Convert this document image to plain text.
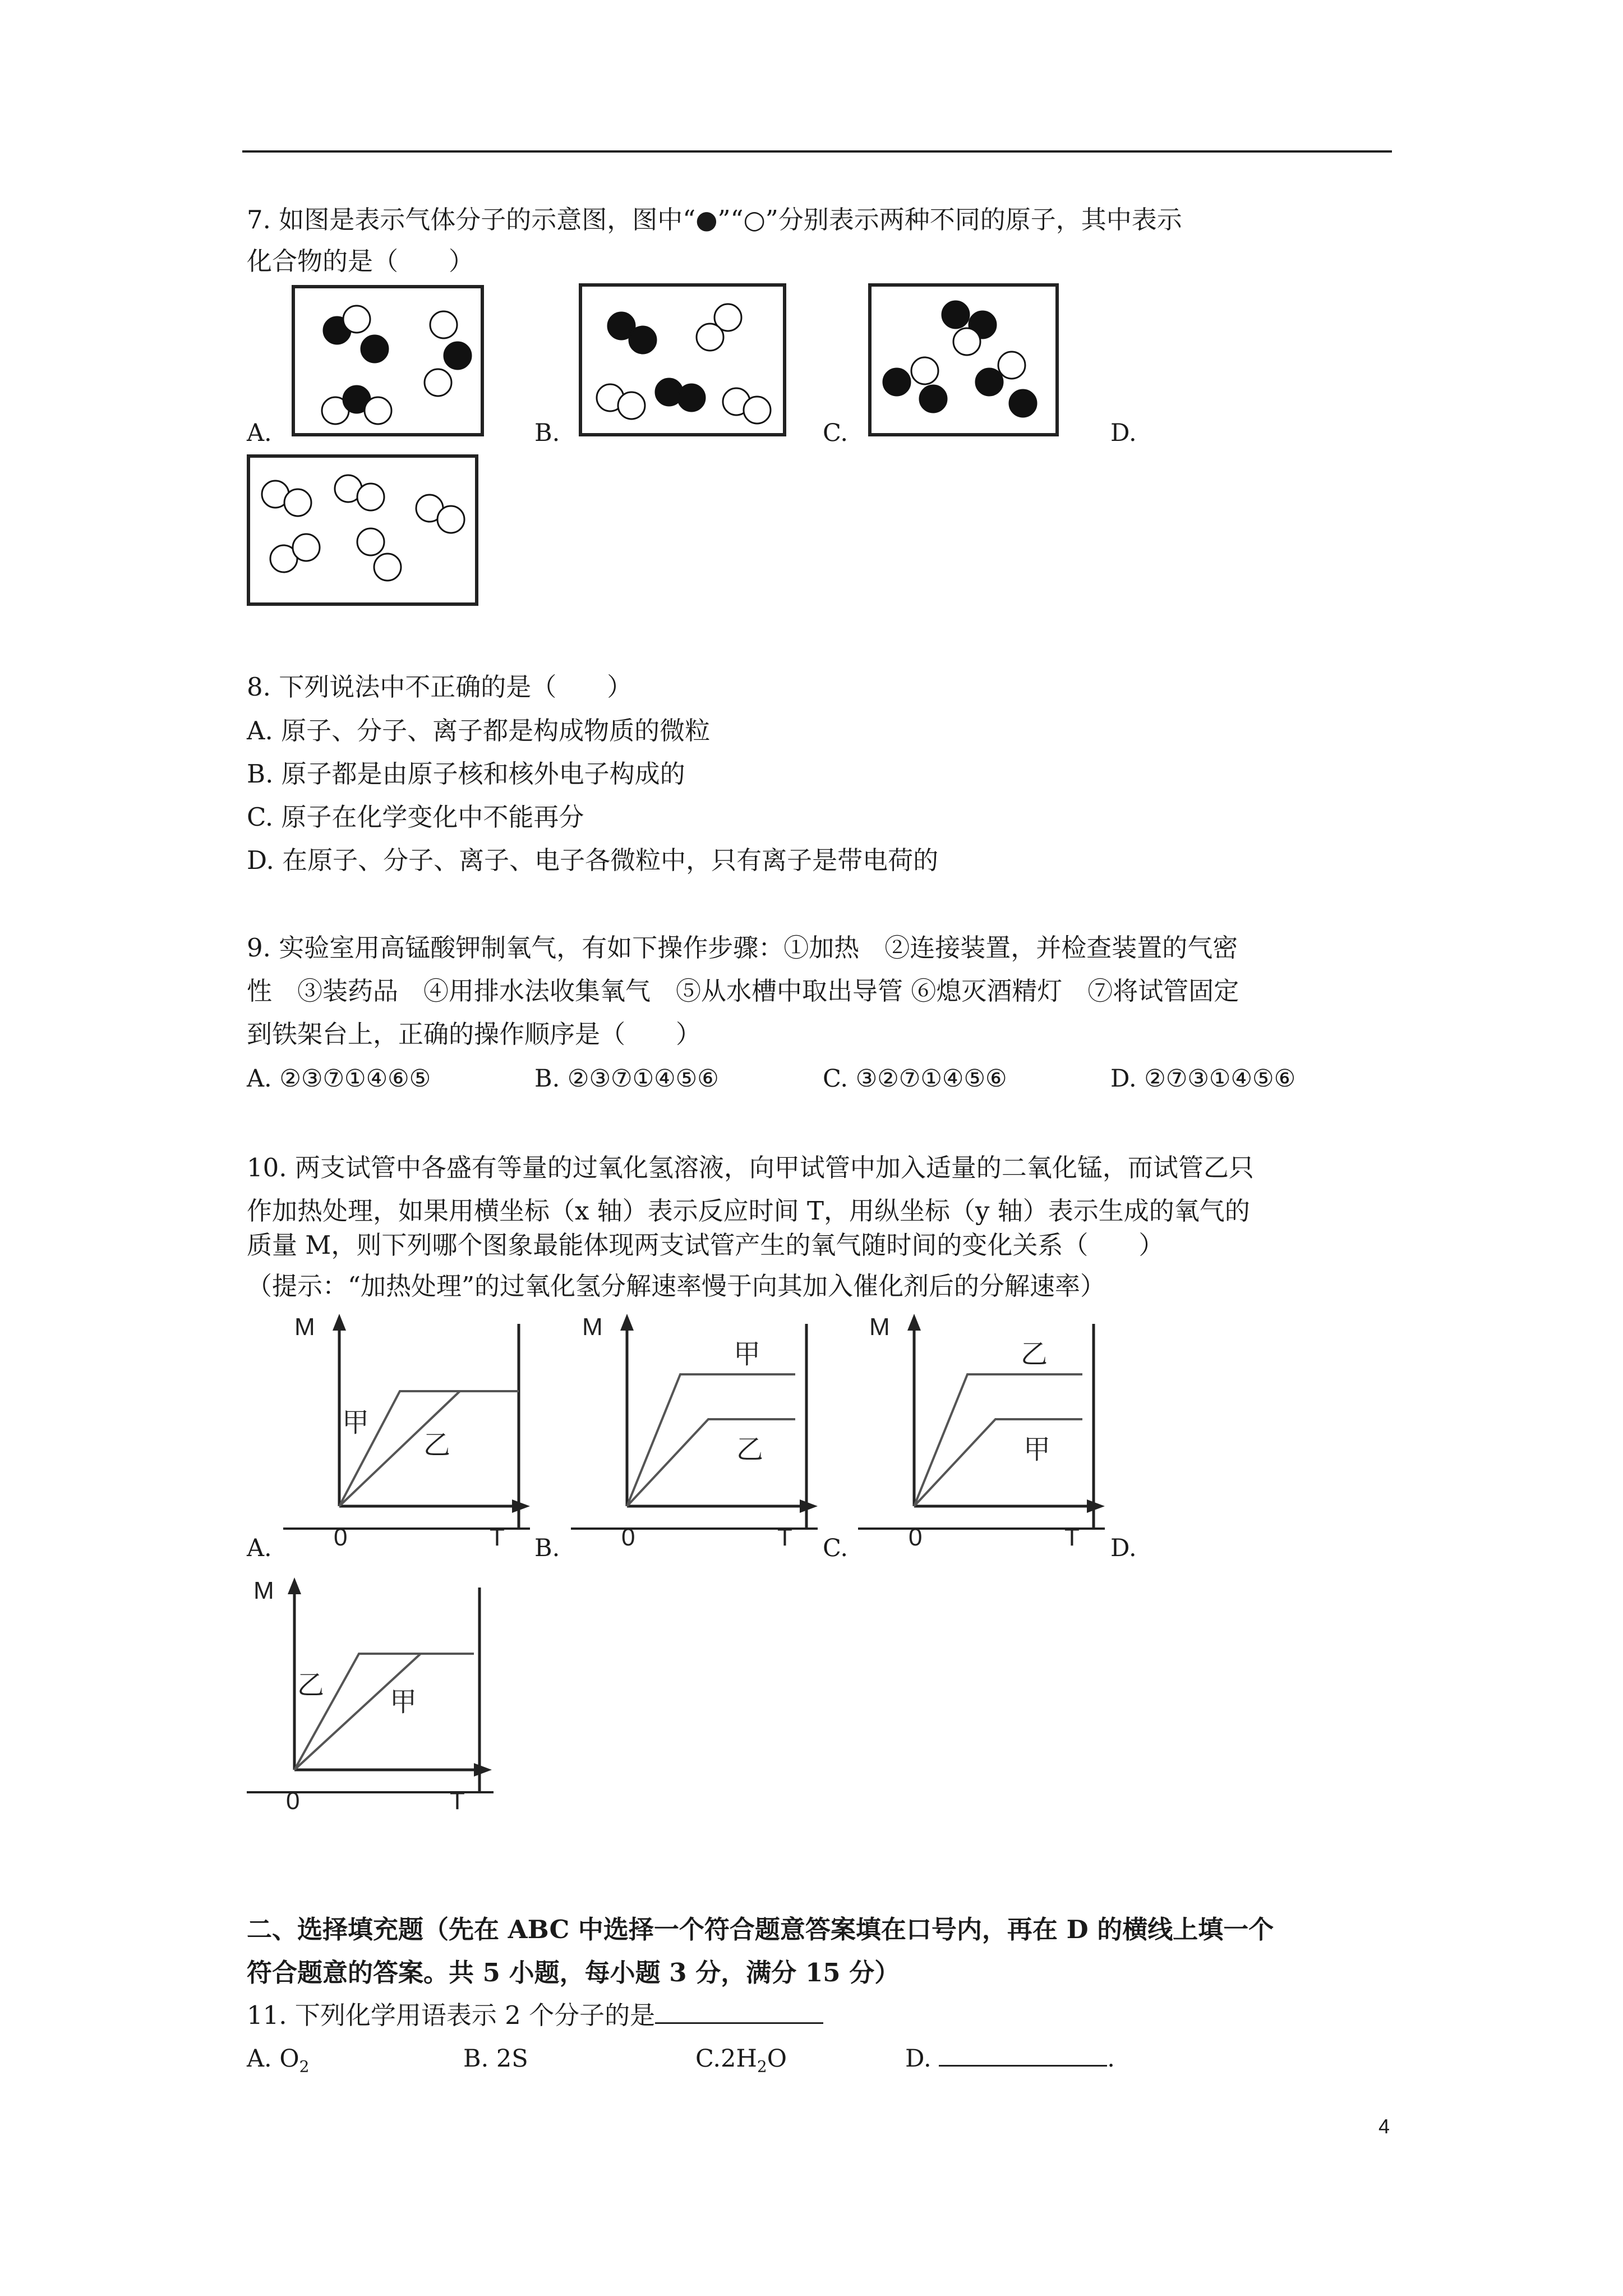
7. 如图是表示气体分子的示意图，图中“●”“○”分别表示两种不同的原子，其中表示
化合物的是（　　）
A.	B.	C.	D.
8. 下列说法中不正确的是（　　）
A. 原子、分子、离子都是构成物质的微粒
B. 原子都是由原子核和核外电子构成的
C. 原子在化学变化中不能再分
D. 在原子、分子、离子、电子各微粒中，只有离子是带电荷的
9. 实验室用高锰酸钾制氧气，有如下操作步骤：①加热　②连接装置，并检查装置的气密
性　③装药品　④用排水法收集氧气　⑤从水槽中取出导管 ⑥熄灭酒精灯　⑦将试管固定
到铁架台上，正确的操作顺序是（　　）
A. ②③⑦①④⑥⑤	B. ②③⑦①④⑤⑥	C. ③②⑦①④⑤⑥	D. ②⑦③①④⑤⑥
10. 两支试管中各盛有等量的过氧化氢溶液，向甲试管中加入适量的二氧化锰，而试管乙只
作加热处理，如果用横坐标（x 轴）表示反应时间 T，用纵坐标（y 轴）表示生成的氧气的
质量 M，则下列哪个图象最能体现两支试管产生的氧气随时间的变化关系（　　）
（提示：“加热处理”的过氧化氢分解速率慢于向其加入催化剂后的分解速率）
M
0	T
甲
乙
A.
M
0	T
甲
乙
B.
M
0	T
乙
甲
C.	D.
M
0	T
乙
甲
二、选择填充题（先在 ABC 中选择一个符合题意答案填在口号内，再在 D 的横线上填一个
符合题意的答案。共 5 小题，每小题 3 分，满分 15 分）
11. 下列化学用语表示 2 个分子的是
A. $O_2$	B. 2S	$C.2H_2O$	D.	.
4
